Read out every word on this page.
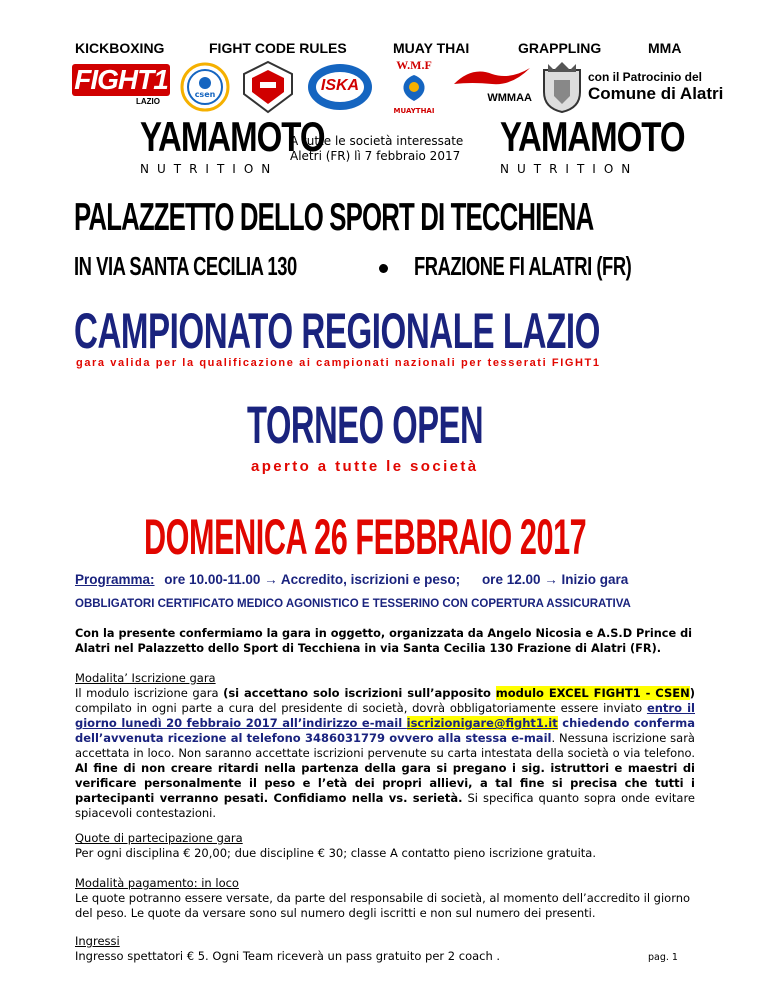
KICKBOXING	FIGHT CODE RULES	MUAY THAI	GRAPPLING	MMA
FIGHT1
LAZIO
csen
ISKA
W.M.F
MUAYTHAI
WMMAA
con il Patrocinio del
Comune di Alatri
YAMAMOTO
NUTRITION
A tutte le società interessate
Aletri (FR) lì 7 febbraio 2017	YAMAMOTO
NUTRITION
PALAZZETTO DELLO SPORT DI TECCHIENA
IN VIA SANTA CECILIA 130	FRAZIONE FI ALATRI (FR)
CAMPIONATO REGIONALE LAZIO
gara valida per la qualificazione ai campionati nazionali per tesserati FIGHT1
TORNEO OPEN
aperto a tutte le società
DOMENICA 26 FEBBRAIO 2017
Programma: ore 10.00-11.00 → Accredito, iscrizioni e peso; ore 12.00 → Inizio gara
OBBLIGATORI CERTIFICATO MEDICO AGONISTICO E TESSERINO CON COPERTURA ASSICURATIVA
Con la presente confermiamo la gara in oggetto, organizzata da Angelo Nicosia e A.S.D Prince di Alatri nel Palazzetto dello Sport di Tecchiena in via Santa Cecilia 130 Frazione di Alatri (FR).
Modalita’ Iscrizione gara
Il modulo iscrizione gara (si accettano solo iscrizioni sull’apposito modulo EXCEL FIGHT1 - CSEN) compilato in ogni parte a cura del presidente di società, dovrà obbligatoriamente essere inviato entro il giorno lunedì 20 febbraio 2017 all’indirizzo e-mail iscrizionigare@fight1.it chiedendo conferma dell’avvenuta ricezione al telefono 3486031779 ovvero alla stessa e-mail. Nessuna iscrizione sarà accettata in loco. Non saranno accettate iscrizioni pervenute su carta intestata della società o via telefono. Al fine di non creare ritardi nella partenza della gara si pregano i sig. istruttori e maestri di verificare personalmente il peso e l’età dei propri allievi, a tal fine si precisa che tutti i partecipanti verranno pesati. Confidiamo nella vs. serietà. Si specifica quanto sopra onde evitare spiacevoli contestazioni.
Quote di partecipazione gara
Per ogni disciplina € 20,00; due discipline € 30; classe A contatto pieno iscrizione gratuita.
Modalità pagamento: in loco
Le quote potranno essere versate, da parte del responsabile di società, al momento dell’accredito il giorno del peso. Le quote da versare sono sul numero degli iscritti e non sul numero dei presenti.
Ingressi
Ingresso spettatori € 5. Ogni Team riceverà un pass gratuito per 2 coach .	pag. 1
